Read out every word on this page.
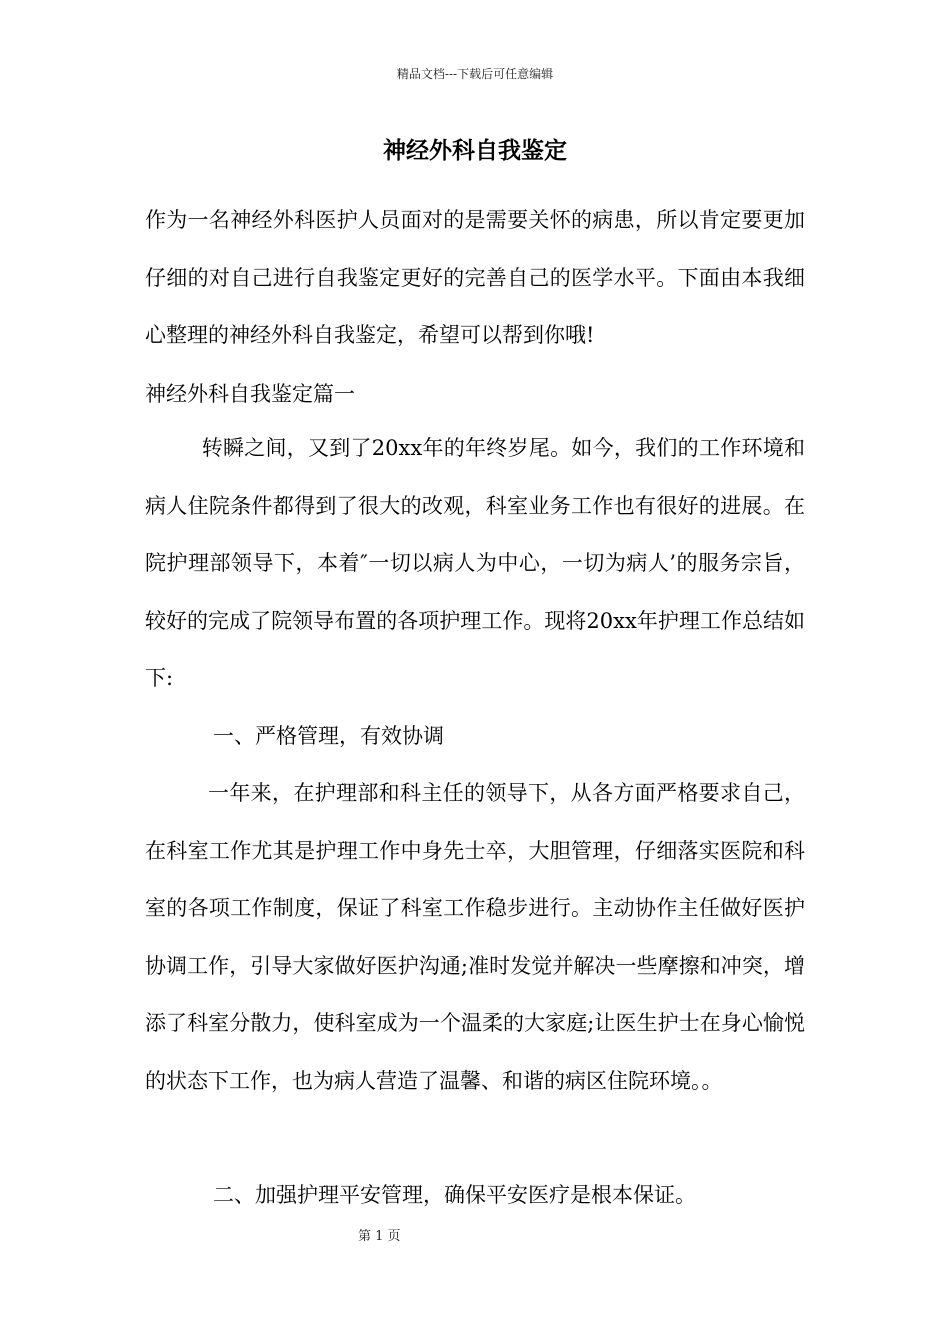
精品文档---下载后可任意编辑
神经外科自我鉴定

作为一名神经外科医护人员面对的是需要关怀的病患，所以肯定要更加仔细的对自己进行自我鉴定更好的完善自己的医学水平。下面由本我细心整理的神经外科自我鉴定，希望可以帮到你哦!

神经外科自我鉴定篇一

转瞬之间，又到了20xx年的年终岁尾。如今，我们的工作环境和病人住院条件都得到了很大的改观，科室业务工作也有很好的进展。在院护理部领导下，本着″一切以病人为中心，一切为病人’的服务宗旨，较好的完成了院领导布置的各项护理工作。现将20xx年护理工作总结如下:

一、严格管理，有效协调

一年来，在护理部和科主任的领导下，从各方面严格要求自己，在科室工作尤其是护理工作中身先士卒，大胆管理，仔细落实医院和科室的各项工作制度，保证了科室工作稳步进行。主动协作主任做好医护协调工作，引导大家做好医护沟通;准时发觉并解决一些摩擦和冲突，增添了科室分散力，使科室成为一个温柔的大家庭;让医生护士在身心愉悦的状态下工作，也为病人营造了温馨、和谐的病区住院环境。。

二、加强护理平安管理，确保平安医疗是根本保证。

第 1 页
